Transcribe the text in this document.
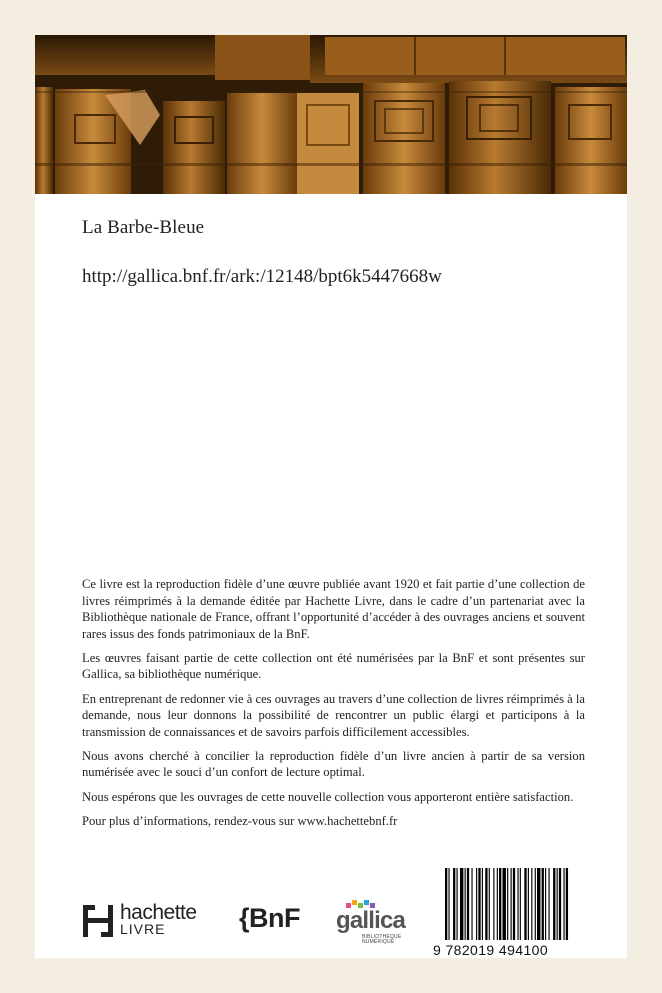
La Barbe-Bleue
http://gallica.bnf.fr/ark:/12148/bpt6k5447668w

Ce livre est la reproduction fidèle d’une œuvre publiée avant 1920 et fait partie d’une collection de livres réimprimés à la demande éditée par Hachette Livre, dans le cadre d’un partenariat avec la Bibliothèque nationale de France, offrant l’opportunité d’accéder à des ouvrages anciens et souvent rares issus des fonds patrimoniaux de la BnF.

Les œuvres faisant partie de cette collection ont été numérisées par la BnF et sont présentes sur Gallica, sa bibliothèque numérique.

En entreprenant de redonner vie à ces ouvrages au travers d’une collection de livres réimprimés à la demande, nous leur donnons la possibilité de rencontrer un public élargi et participons à la transmission de connaissances et de savoirs parfois difficilement accessibles.

Nous avons cherché à concilier la reproduction fidèle d’un livre ancien à partir de sa version numérisée avec le souci d’un confort de lecture optimal.

Nous espérons que les ouvrages de cette nouvelle collection vous apporteront entière satisfaction.

Pour plus d’informations, rendez-vous sur www.hachettebnf.fr

hachette
LIVRE	{BnF gallica
BIBLIOTHÈQUE
NUMÉRIQUE	9 782019 494100
